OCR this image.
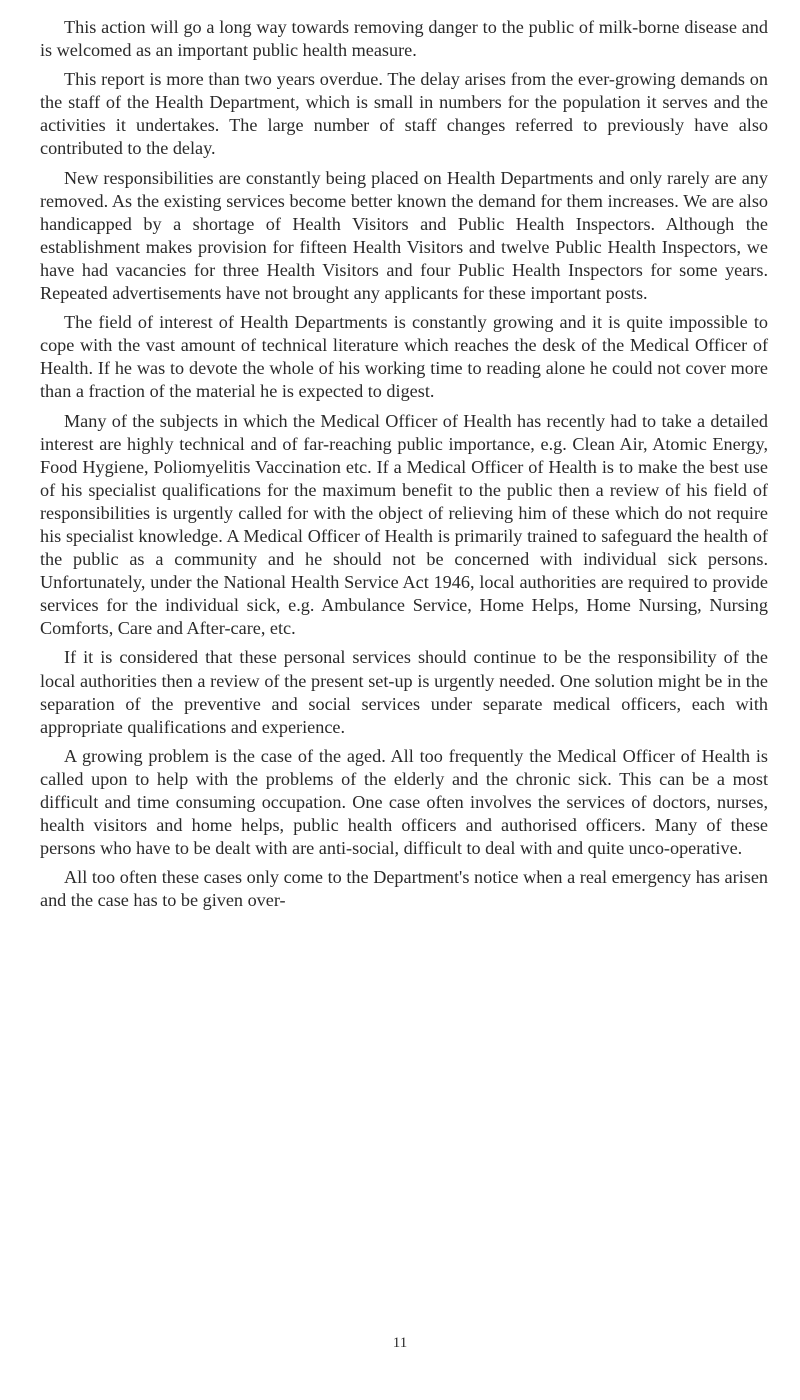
This action will go a long way towards removing danger to the public of milk-borne disease and is welcomed as an important public health measure.

This report is more than two years overdue. The delay arises from the ever-growing demands on the staff of the Health Department, which is small in numbers for the population it serves and the activities it undertakes. The large number of staff changes referred to previously have also contributed to the delay.

New responsibilities are constantly being placed on Health Departments and only rarely are any removed. As the existing services become better known the demand for them increases. We are also handicapped by a shortage of Health Visitors and Public Health Inspectors. Although the establishment makes provision for fifteen Health Visitors and twelve Public Health Inspectors, we have had vacancies for three Health Visitors and four Public Health Inspectors for some years. Repeated advertisements have not brought any applicants for these important posts.

The field of interest of Health Departments is constantly growing and it is quite impossible to cope with the vast amount of technical literature which reaches the desk of the Medical Officer of Health. If he was to devote the whole of his working time to reading alone he could not cover more than a fraction of the material he is expected to digest.

Many of the subjects in which the Medical Officer of Health has recently had to take a detailed interest are highly technical and of far-reaching public importance, e.g. Clean Air, Atomic Energy, Food Hygiene, Poliomyelitis Vaccination etc. If a Medical Officer of Health is to make the best use of his specialist qualifications for the maximum benefit to the public then a review of his field of responsibilities is urgently called for with the object of relieving him of these which do not require his specialist knowledge. A Medical Officer of Health is primarily trained to safeguard the health of the public as a community and he should not be concerned with individual sick persons. Unfortunately, under the National Health Service Act 1946, local authorities are required to provide services for the individual sick, e.g. Ambulance Service, Home Helps, Home Nursing, Nursing Comforts, Care and After-care, etc.

If it is considered that these personal services should continue to be the responsibility of the local authorities then a review of the present set-up is urgently needed. One solution might be in the separation of the preventive and social services under separate medical officers, each with appropriate qualifications and experience.

A growing problem is the case of the aged. All too frequently the Medical Officer of Health is called upon to help with the problems of the elderly and the chronic sick. This can be a most difficult and time consuming occupation. One case often involves the services of doctors, nurses, health visitors and home helps, public health officers and authorised officers. Many of these persons who have to be dealt with are anti-social, difficult to deal with and quite unco-operative.

All too often these cases only come to the Department's notice when a real emergency has arisen and the case has to be given over-

11
